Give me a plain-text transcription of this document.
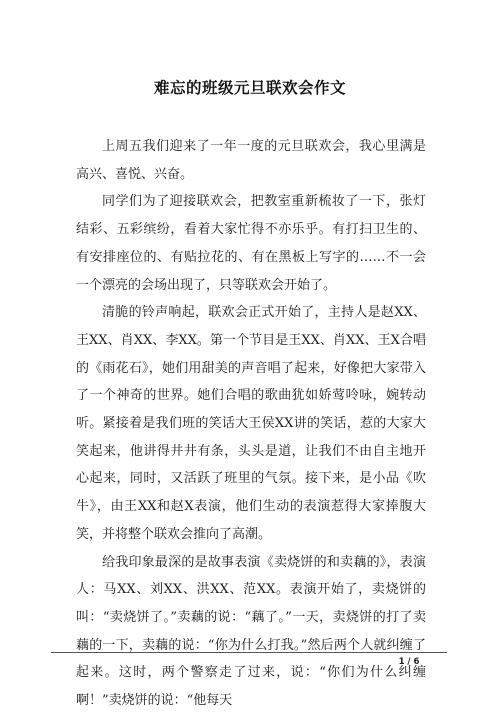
难忘的班级元旦联欢会作文

上周五我们迎来了一年一度的元旦联欢会，我心里满是高兴、喜悦、兴奋。

同学们为了迎接联欢会，把教室重新梳妆了一下，张灯结彩、五彩缤纷，看着大家忙得不亦乐乎。有打扫卫生的、有安排座位的、有贴拉花的、有在黑板上写字的……不一会一个漂亮的会场出现了，只等联欢会开始了。

清脆的铃声响起，联欢会正式开始了，主持人是赵XX、王XX、肖XX、李XX。第一个节目是王XX、肖XX、王X合唱的《雨花石》，她们用甜美的声音唱了起来，好像把大家带入了一个神奇的世界。她们合唱的歌曲犹如娇莺呤咏，婉转动听。紧接着是我们班的笑话大王侯XX讲的笑话，惹的大家大笑起来，他讲得井井有条，头头是道，让我们不由自主地开心起来，同时，又活跃了班里的气氛。接下来，是小品《吹牛》，由王XX和赵X表演，他们生动的表演惹得大家捧腹大笑，并将整个联欢会推向了高潮。

给我印象最深的是故事表演《卖烧饼的和卖藕的》，表演人：马XX、刘XX、洪XX、范XX。表演开始了，卖烧饼的叫：“卖烧饼了。”卖藕的说：“藕了。”一天，卖烧饼的打了卖藕的一下，卖藕的说：“你为什么打我。”然后两个人就纠缠了起来。这时，两个警察走了过来，说：“你们为什么纠缠啊！”卖烧饼的说：“他每天

1 / 6
